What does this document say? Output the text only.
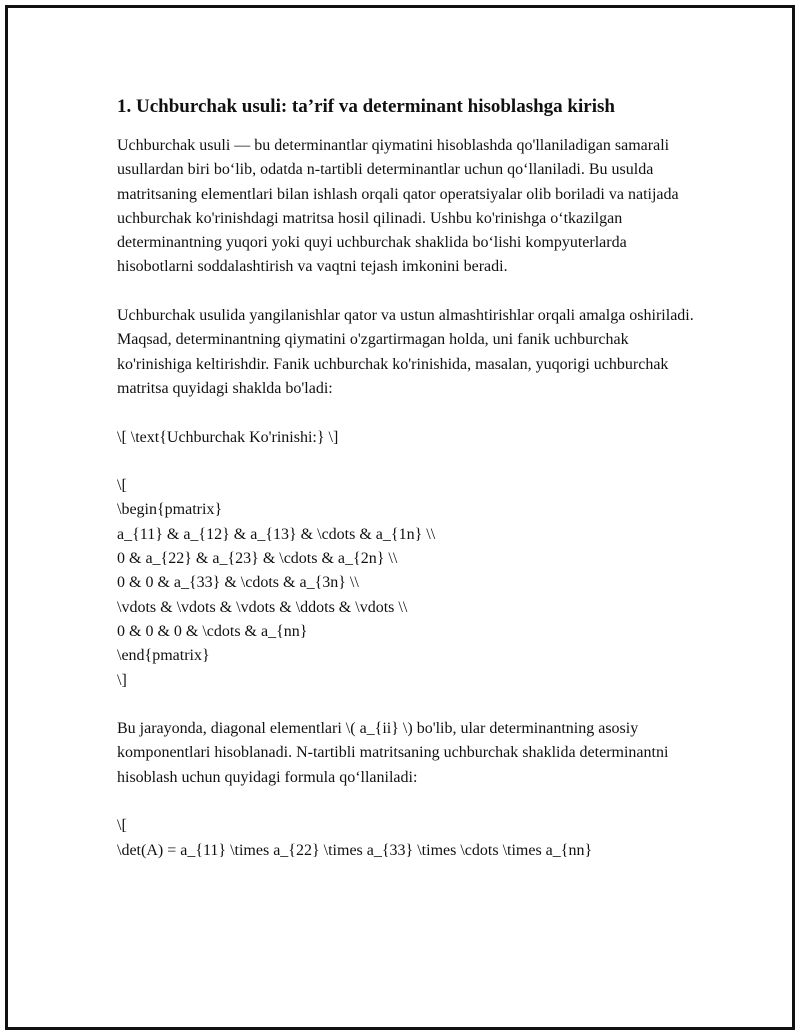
1. Uchburchak usuli: ta’rif va determinant hisoblashga kirish

Uchburchak usuli — bu determinantlar qiymatini hisoblashda qo'llaniladigan samarali usullardan biri bo‘lib, odatda n-tartibli determinantlar uchun qo‘llaniladi. Bu usulda matritsaning elementlari bilan ishlash orqali qator operatsiyalar olib boriladi va natijada uchburchak ko'rinishdagi matritsa hosil qilinadi. Ushbu ko'rinishga o‘tkazilgan determinantning yuqori yoki quyi uchburchak shaklida bo‘lishi kompyuterlarda hisobotlarni soddalashtirish va vaqtni tejash imkonini beradi.

Uchburchak usulida yangilanishlar qator va ustun almashtirishlar orqali amalga oshiriladi. Maqsad, determinantning qiymatini o'zgartirmagan holda, uni fanik uchburchak ko'rinishiga keltirishdir. Fanik uchburchak ko'rinishida, masalan, yuqorigi uchburchak matritsa quyidagi shaklda bo'ladi:

\[ \text{Uchburchak Ko'rinishi:} \]

\[
\begin{pmatrix}
a_{11} & a_{12} & a_{13} & \cdots & a_{1n} \\
0 & a_{22} & a_{23} & \cdots & a_{2n} \\
0 & 0 & a_{33} & \cdots & a_{3n} \\
\vdots & \vdots & \vdots & \ddots & \vdots \\
0 & 0 & 0 & \cdots & a_{nn}
\end{pmatrix}
\]

Bu jarayonda, diagonal elementlari \( a_{ii} \) bo'lib, ular determinantning asosiy komponentlari hisoblanadi. N-tartibli matritsaning uchburchak shaklida determinantni hisoblash uchun quyidagi formula qo‘llaniladi:

\[
\det(A) = a_{11} \times a_{22} \times a_{33} \times \cdots \times a_{nn}
